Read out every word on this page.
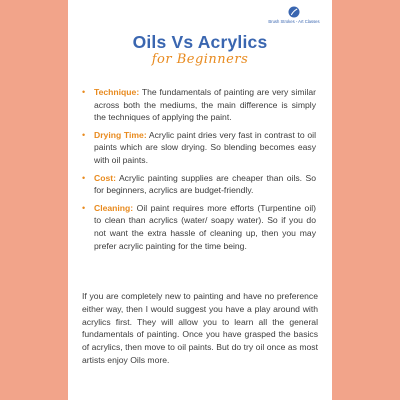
Brush Strokes - Art Classes
Oils Vs Acrylics
for Beginners
• Technique: The fundamentals of painting are very similar across both the mediums, the main difference is simply the techniques of applying the paint.
• Drying Time: Acrylic paint dries very fast in contrast to oil paints which are slow drying. So blending becomes easy with oil paints.
• Cost: Acrylic painting supplies are cheaper than oils. So for beginners, acrylics are budget-friendly.
• Cleaning: Oil paint requires more efforts (Turpentine oil) to clean than acrylics (water/ soapy water). So if you do not want the extra hassle of cleaning up, then you may prefer acrylic painting for the time being.

If you are completely new to painting and have no preference either way, then I would suggest you have a play around with acrylics first. They will allow you to learn all the general fundamentals of painting. Once you have grasped the basics of acrylics, then move to oil paints. But do try oil once as most artists enjoy Oils more.
